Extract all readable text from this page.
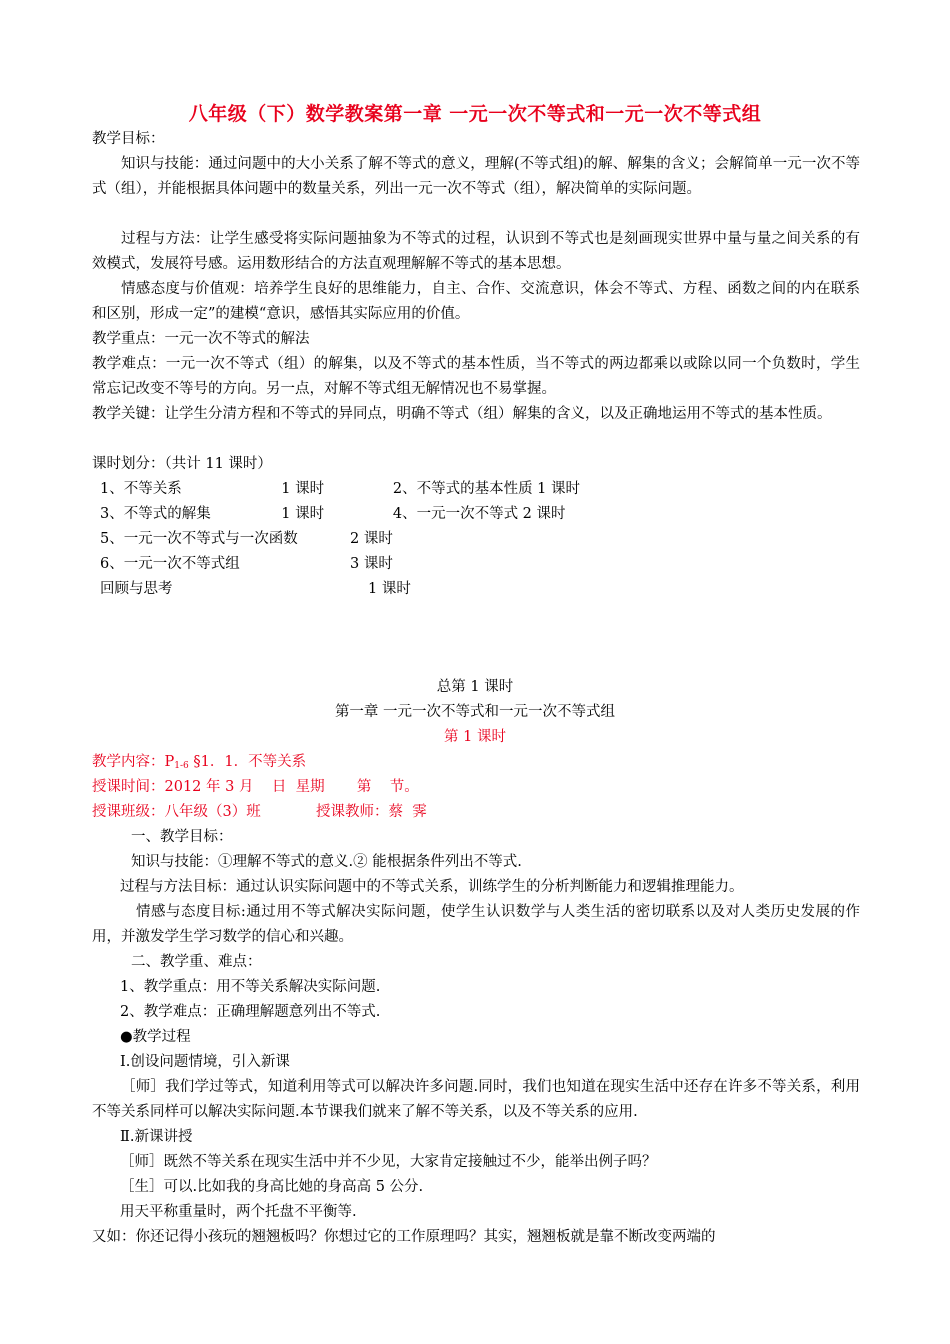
八年级（下）数学教案第一章 一元一次不等式和一元一次不等式组
教学目标：
知识与技能：通过问题中的大小关系了解不等式的意义，理解(不等式组)的解、解集的含义；会解简单一元一次不等式（组），并能根据具体问题中的数量关系，列出一元一次不等式（组），解决简单的实际问题。
过程与方法：让学生感受将实际问题抽象为不等式的过程，认识到不等式也是刻画现实世界中量与量之间关系的有效模式，发展符号感。运用数形结合的方法直观理解解不等式的基本思想。
情感态度与价值观：培养学生良好的思维能力，自主、合作、交流意识，体会不等式、方程、函数之间的内在联系和区别，形成一定”的建模“意识，感悟其实际应用的价值。
教学重点：一元一次不等式的解法
教学难点：一元一次不等式（组）的解集，以及不等式的基本性质，当不等式的两边都乘以或除以同一个负数时，学生常忘记改变不等号的方向。另一点，对解不等式组无解情况也不易掌握。
教学关键：让学生分清方程和不等式的异同点，明确不等式（组）解集的含义，以及正确地运用不等式的基本性质。
课时划分：（共计 11 课时）
1、不等关系	1 课时	2、不等式的基本性质 1 课时
3、不等式的解集	1 课时	4、一元一次不等式 2 课时
5、一元一次不等式与一次函数 2 课时		
6、一元一次不等式组 3 课时		
回顾与思考 1 课时		
总第 1 课时
第一章 一元一次不等式和一元一次不等式组
第 1 课时
教学内容：$P_{1-6}$ §1．1．不等关系
授课时间：2012 年 3 月    日  星期       第    节。
授课班级：八年级（3）班            授课教师：蔡  霁
一、教学目标：
知识与技能：①理解不等式的意义.② 能根据条件列出不等式.
过程与方法目标：通过认识实际问题中的不等式关系，训练学生的分析判断能力和逻辑推理能力。
情感与态度目标:通过用不等式解决实际问题，使学生认识数学与人类生活的密切联系以及对人类历史发展的作用，并激发学生学习数学的信心和兴趣。
二、教学重、难点：
1、教学重点：用不等关系解决实际问题.
2、教学难点：正确理解题意列出不等式.
●教学过程
Ⅰ.创设问题情境，引入新课
［师］我们学过等式，知道利用等式可以解决许多问题.同时，我们也知道在现实生活中还存在许多不等关系，利用不等关系同样可以解决实际问题.本节课我们就来了解不等关系，以及不等关系的应用.
Ⅱ.新课讲授
［师］既然不等关系在现实生活中并不少见，大家肯定接触过不少，能举出例子吗？
［生］可以.比如我的身高比她的身高高 5 公分.
用天平称重量时，两个托盘不平衡等.
又如：你还记得小孩玩的翘翘板吗？你想过它的工作原理吗？其实，翘翘板就是靠不断改变两端的
